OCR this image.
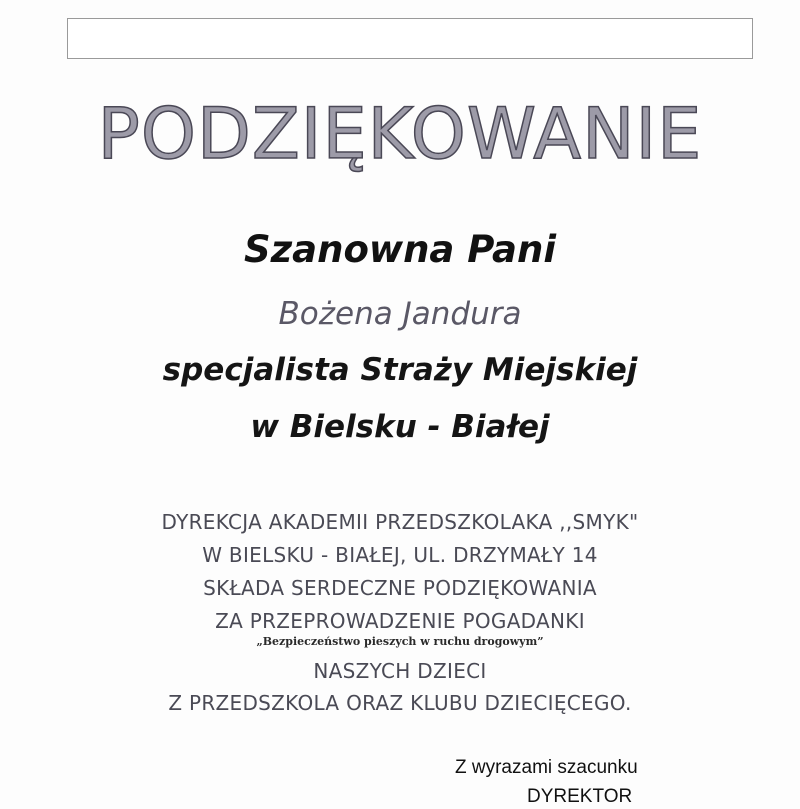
PODZIĘKOWANIE
Szanowna Pani
Bożena Jandura
specjalista Straży Miejskiej
w Bielsku - Białej
DYREKCJA AKADEMII PRZEDSZKOLAKA ,,SMYK"
W BIELSKU - BIAŁEJ, UL. DRZYMAŁY 14
SKŁADA SERDECZNE PODZIĘKOWANIA
ZA PRZEPROWADZENIE POGADANKI
„Bezpieczeństwo pieszych w ruchu drogowym”
NASZYCH DZIECI
Z PRZEDSZKOLA ORAZ KLUBU DZIECIĘCEGO.
Z wyrazami szacunku
DYREKTOR
